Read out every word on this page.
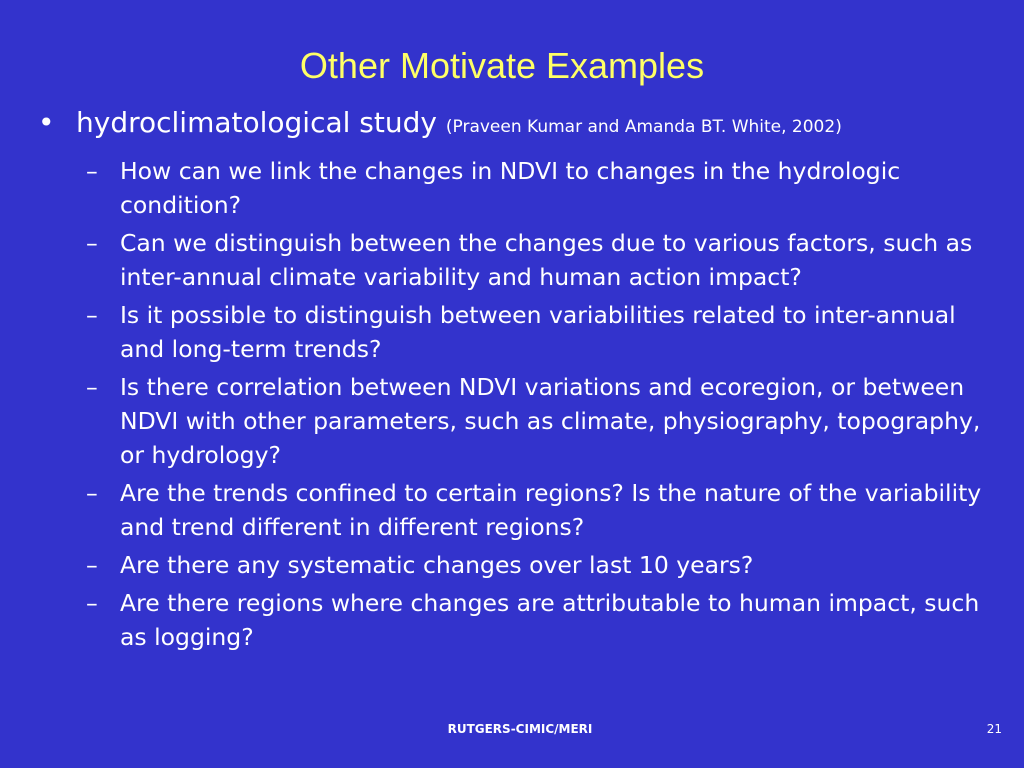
Other Motivate Examples
• hydroclimatological study (Praveen Kumar and Amanda BT. White, 2002)
– How can we link the changes in NDVI to changes in the hydrologic condition?
– Can we distinguish between the changes due to various factors, such as inter-annual climate variability and human action impact?
– Is it possible to distinguish between variabilities related to inter-annual and long-term trends?
– Is there correlation between NDVI variations and ecoregion, or between NDVI with other parameters, such as climate, physiography, topography, or hydrology?
– Are the trends confined to certain regions? Is the nature of the variability and trend different in different regions?
– Are there any systematic changes over last 10 years?
– Are there regions where changes are attributable to human impact, such as logging?
RUTGERS-CIMIC/MERI	21
